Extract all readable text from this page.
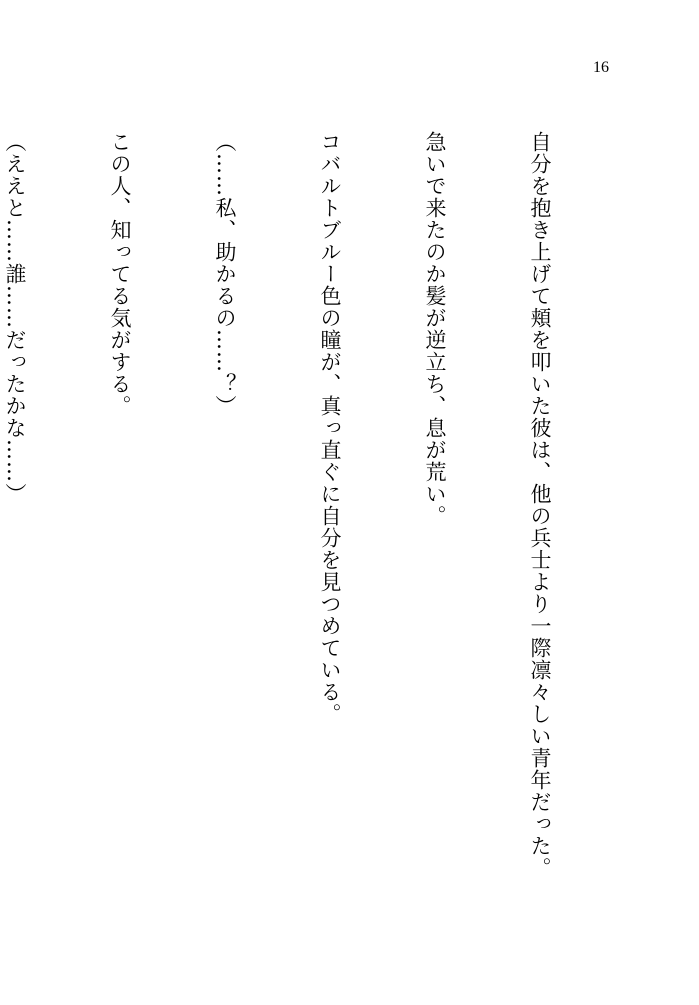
16

自分を抱き上げて頬を叩いた彼は、他の兵士より一際凛々しい青年だった。

急いで来たのか髪が逆立ち、息が荒い。

コバルトブルー色の瞳が、真っ直ぐに自分を見つめている。

（……私、助かるの……？）

この人、知ってる気がする。

（ええと……誰……だったかな……）
